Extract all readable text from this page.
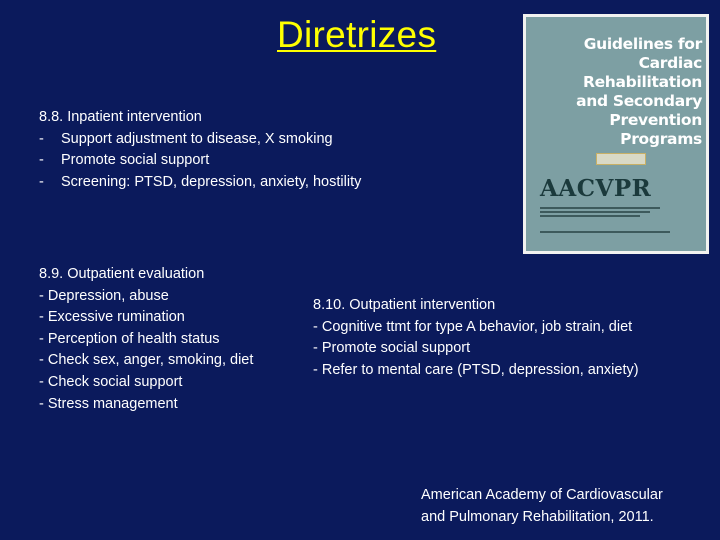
Diretrizes
8.8. Inpatient intervention
- Support adjustment to disease, X smoking
- Promote social support
- Screening: PTSD, depression, anxiety, hostility
8.9. Outpatient evaluation
- Depression, abuse
- Excessive rumination
- Perception of health status
- Check sex, anger, smoking, diet
- Check social support
- Stress management
8.10. Outpatient intervention
- Cognitive ttmt for type A behavior, job strain, diet
- Promote social support
- Refer to mental care (PTSD, depression, anxiety)
American Academy of Cardiovascular
and Pulmonary Rehabilitation, 2011.
Guidelines for
Cardiac Rehabilitation
and Secondary
Prevention Programs
AACVPR
